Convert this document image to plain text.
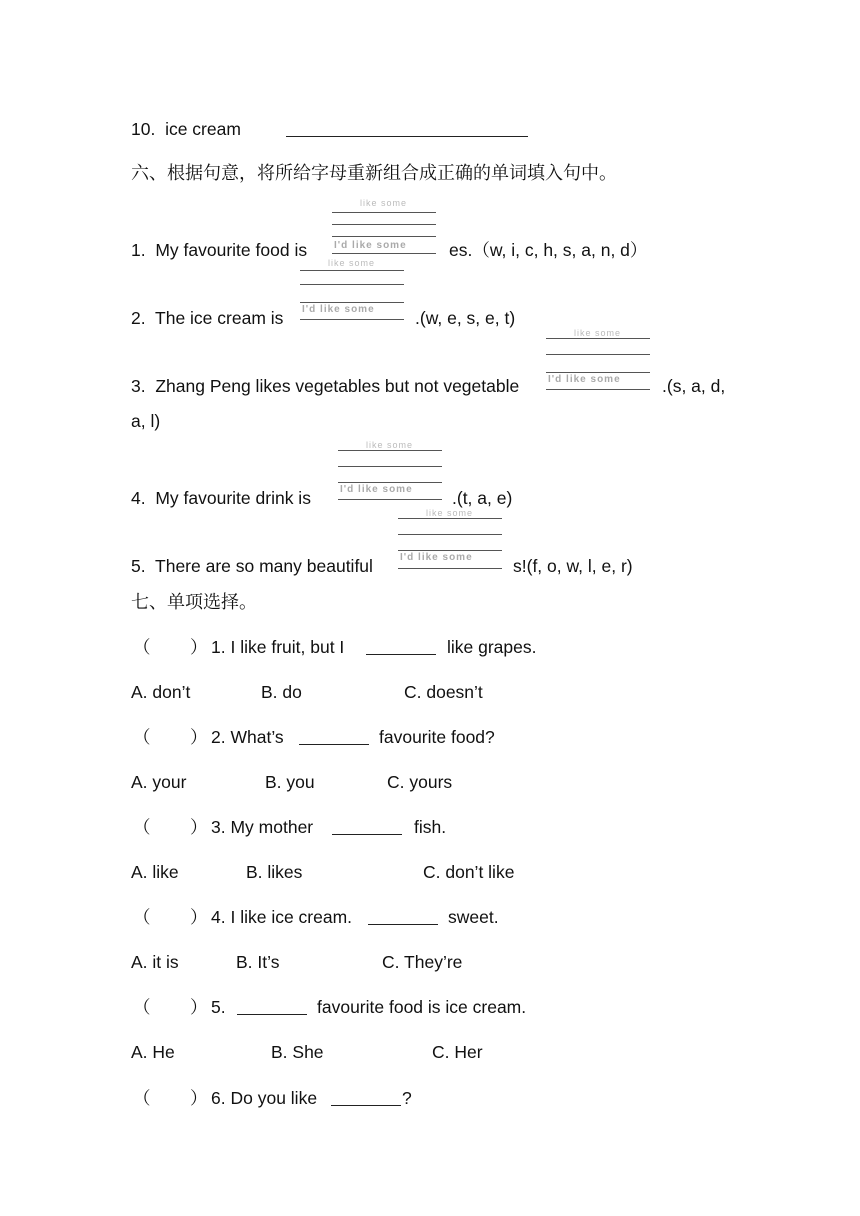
10. ice cream
六、根据句意，将所给字母重新组合成正确的单词填入句中。
like some
I'd like some
1. My favourite food is	es.（w, i, c, h, s, a, n, d）
like some
I'd like some
2. The ice cream is	.(w, e, s, e, t)
like some
I'd like some
3. Zhang Peng likes vegetables but not vegetable	.(s, a, d,
a, l)
like some
I'd like some
4. My favourite drink is	.(t, a, e)
like some
I'd like some
5. There are so many beautiful	s!(f, o, w, l, e, r)
七、单项选择。
（ ） 1. I like fruit, but I	like grapes.
A. don’t	B. do	C. doesn’t
（ ） 2. What’s	favourite food?
A. your	B. you	C. yours
（ ） 3. My mother	fish.
A. like	B. likes	C. don’t like
（ ） 4. I like ice cream.	sweet.
A. it is	B. It’s	C. They’re
（ ） 5.	favourite food is ice cream.
A. He	B. She	C. Her
（ ） 6. Do you like	?
